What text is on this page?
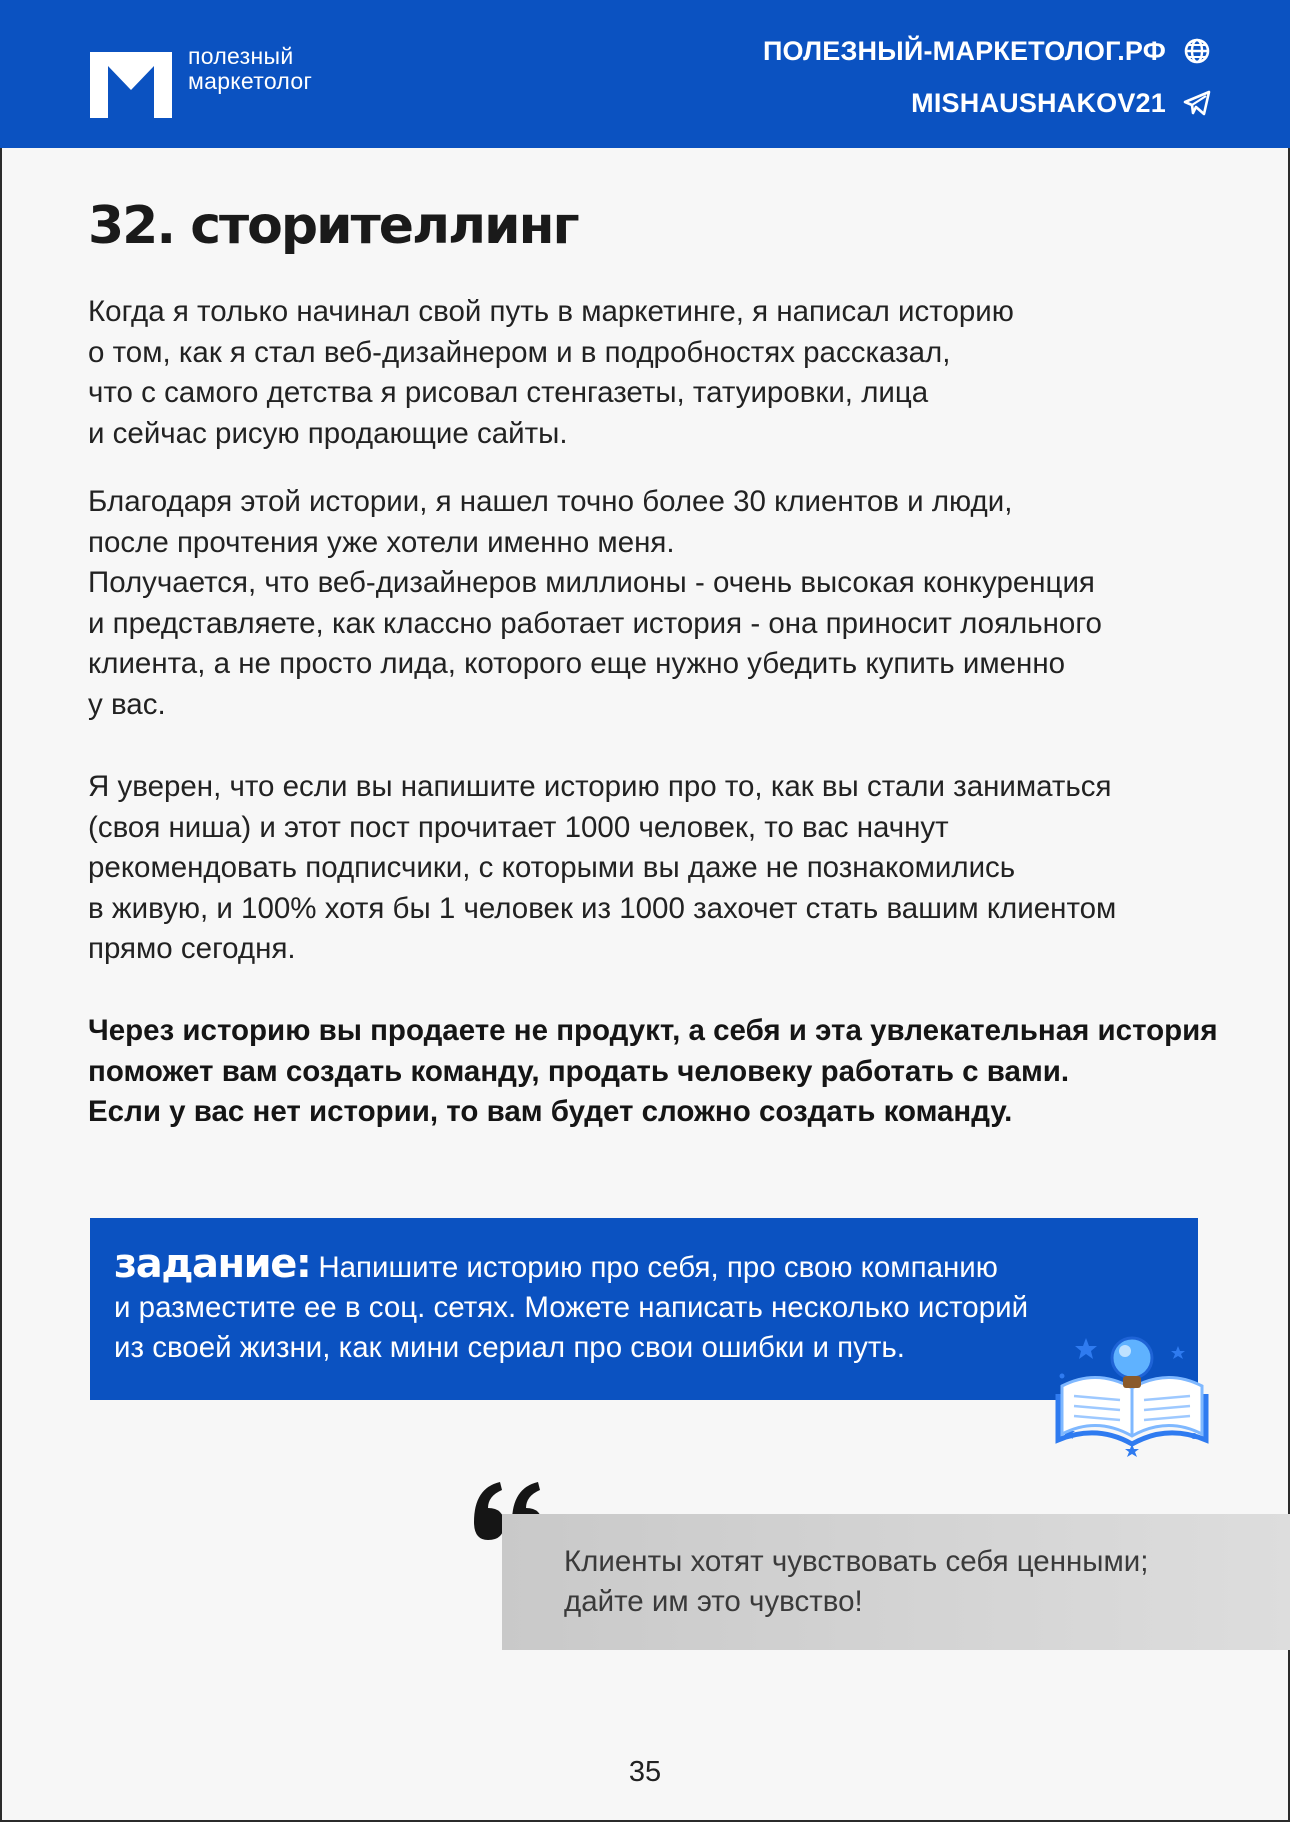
полезный
маркетолог
ПОЛЕЗНЫЙ-МАРКЕТОЛОГ.РФ
MISHAUSHAKOV21
32. сторителлинг

Когда я только начинал свой путь в маркетинге, я написал историю
о том, как я стал веб-дизайнером и в подробностях рассказал,
что с самого детства я рисовал стенгазеты, татуировки, лица
и сейчас рисую продающие сайты.

Благодаря этой истории, я нашел точно более 30 клиентов и люди,
после прочтения уже хотели именно меня.
Получается, что веб-дизайнеров миллионы - очень высокая конкуренция
и представляете, как классно работает история - она приносит лояльного
клиента, а не просто лида, которого еще нужно убедить купить именно
у вас.

Я уверен, что если вы напишите историю про то, как вы стали заниматься
(своя ниша) и этот пост прочитает 1000 человек, то вас начнут
рекомендовать подписчики, с которыми вы даже не познакомились
в живую, и 100% хотя бы 1 человек из 1000 захочет стать вашим клиентом
прямо сегодня.

Через историю вы продаете не продукт, а себя и эта увлекательная история
поможет вам создать команду, продать человеку работать с вами.
Если у вас нет истории, то вам будет сложно создать команду.

задание: Напишите историю про себя, про свою компанию
и разместите ее в соц. сетях. Можете написать несколько историй
из своей жизни, как мини сериал про свои ошибки и путь.
Клиенты хотят чувствовать себя ценными;
дайте им это чувство!
35
